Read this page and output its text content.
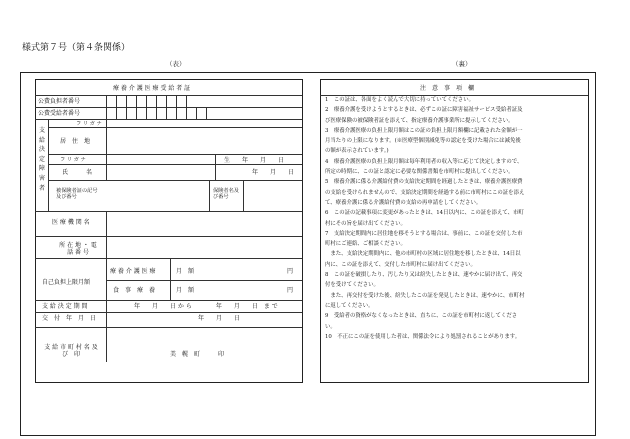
様式第７号（第４条関係）
（表）	（裏）
療 養 介 護 医 療 受 給 者 証
公費負担者番号
公費受給者番号
支給決定障害者
フ リ ガ ナ
居　住　地
フ リ ガ ナ	生　　年　　月　　日
氏　　　名	年　　月　　日
被保険者証の記号及び番号
保険者名及び番号
医 療 機 関 名
所 在 地 ・ 電 話 番 号
自己負担上限月額
療 養 介 護 医 療	月　額	円
食　事　療　養	月　額	円
支 給 決 定 期 間	年　　月　　日 か ら　　　　年　　月　　日　ま で
交　付　年　月　日	年　　月　　日
支 給 市 町 村 名 及　び　印	美　幌　町　　　印
注　意　事　項　欄
1　この証は、各面をよく読んで大切に持っていてください。
2　療養介護を受けようとするときは、必ずこの証に障害福祉サービス受給者証及
び医療保険の被保険者証を添えて、指定療養介護事業所に提示してください。
3　療養介護医療の負担上限月額はこの証の負担上限月額欄に記載された金額が一
月当たりの上限になります。(※医療型個別減免等の認定を受けた場合には減免後
の額が表示されています。)
4　療養介護医療の負担上限月額は毎年利用者の収入等に応じて決定しますので、
所定の時期に、この証と認定に必要な関係書類を市町村に提出してください。
5　療養介護に係る介護給付費の支給決定期間を経過したときは、療養介護医療費
の支給を受けられませんので、支給決定期間を経過する前に市町村にこの証を添え
て、療養介護に係る介護給付費の支給の再申請をしてください。
6　この証の記載事項に変更があったときは、14日以内に、この証を添えて、市町
村にその旨を届け出てください。
7　支給決定期間内に居住地を移そうとする場合は、事前に、この証を交付した市
町村にご連絡、ご相談ください。
　また、支給決定期間内に、他の市町村の区域に居住地を移したときは、14日以
内に、この証を添えて、交付した市町村に届け出てください。
8　この証を破損したり、汚したり又は紛失したときは、速やかに届け出て、再交
付を受けてください。
　また、再交付を受けた後、紛失したこの証を発見したときは、速やかに、市町村
に返してください。
9　受給者の資格がなくなったときは、直ちに、この証を市町村に返してくださ
い。
10　不正にこの証を使用した者は、関係法令により処罰されることがあります。
